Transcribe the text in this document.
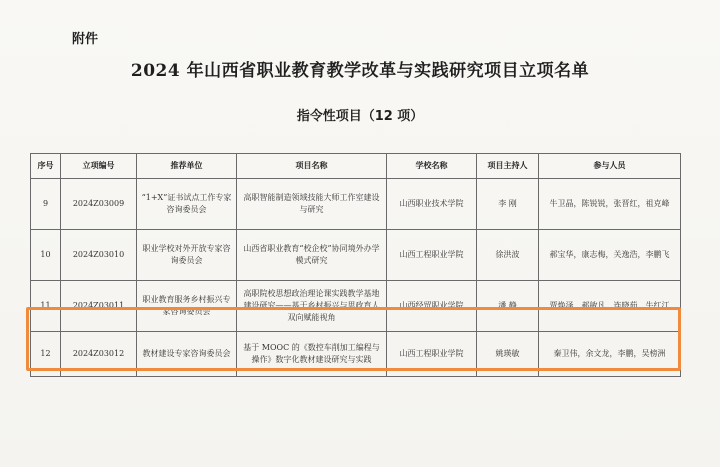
附件
2024 年山西省职业教育教学改革与实践研究项目立项名单
指令性项目（12 项）
序号	立项编号	推荐单位	项目名称	学校名称	项目主持人	参与人员
9	2024Z03009	“1+X”证书试点工作专家咨询委员会	高职智能制造领域技能大师工作室建设与研究	山西职业技术学院	李 刚	牛卫晶，陈锐锐，张晋红，祖克峰
10	2024Z03010	职业学校对外开放专家咨询委员会	山西省职业教育“校企校”协同境外办学模式研究	山西工程职业学院	徐洪波	郝宝华，康志梅，关逸浩，李鹏飞
11	2024Z03011	职业教育服务乡村振兴专家咨询委员会	高职院校思想政治理论课实践教学基地建设研究——基于乡村振兴与思政育人双向赋能视角	山西经贸职业学院	潘 静	贾焕泽，郝敏凡，连晓茹，牛红江
12	2024Z03012	教材建设专家咨询委员会	基于 MOOC 的《数控车削加工编程与操作》数字化教材建设研究与实践	山西工程职业学院	姚瑛敏	秦卫伟，余文龙，李鹏，吴榜洲
